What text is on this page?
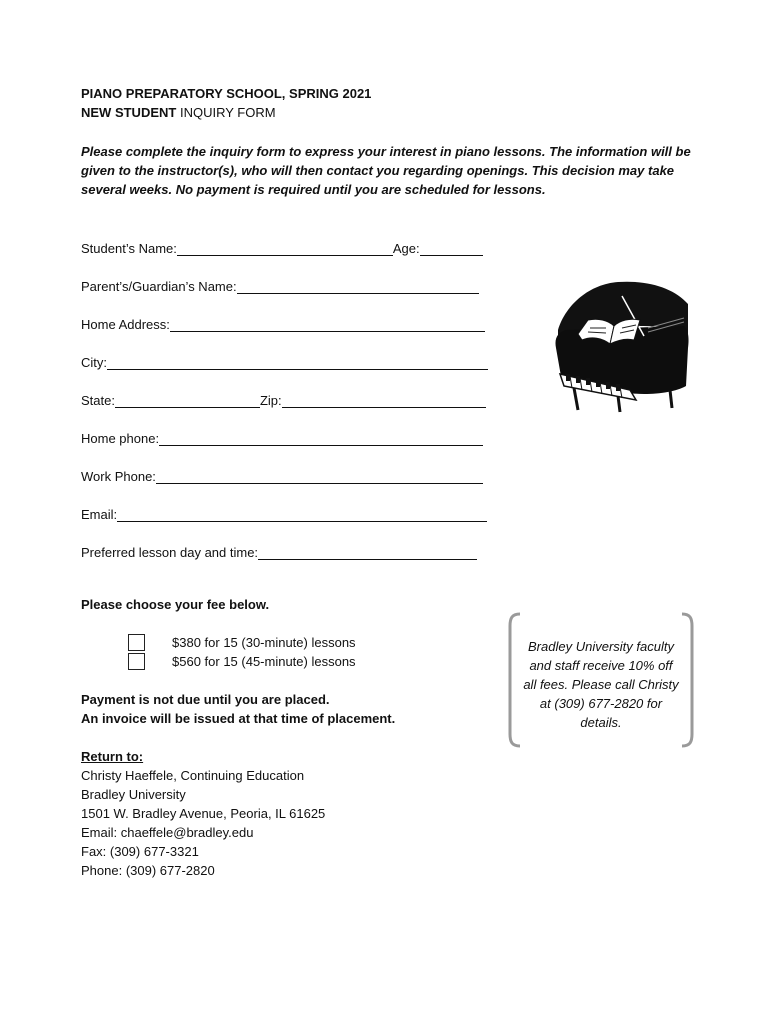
PIANO PREPARATORY SCHOOL, SPRING 2021
NEW STUDENT INQUIRY FORM
Please complete the inquiry form to express your interest in piano lessons. The information will be given to the instructor(s), who will then contact you regarding openings. This decision may take several weeks. No payment is required until you are scheduled for lessons.
Student’s Name:	Age:
Parent’s/Guardian’s Name:
Home Address:
City:
State:	Zip:
Home phone:
Work Phone:
Email:
Preferred lesson day and time:
Please choose your fee below.
$380 for 15 (30-minute) lessons
$560 for 15 (45-minute) lessons
Payment is not due until you are placed.
An invoice will be issued at that time of placement.
Return to:
Christy Haeffele, Continuing Education
Bradley University
1501 W. Bradley Avenue, Peoria, IL 61625
Email: chaeffele@bradley.edu
Fax: (309) 677-3321
Phone: (309) 677-2820
Bradley University faculty
and staff receive 10% off
all fees. Please call Christy
at (309) 677-2820 for
details.
